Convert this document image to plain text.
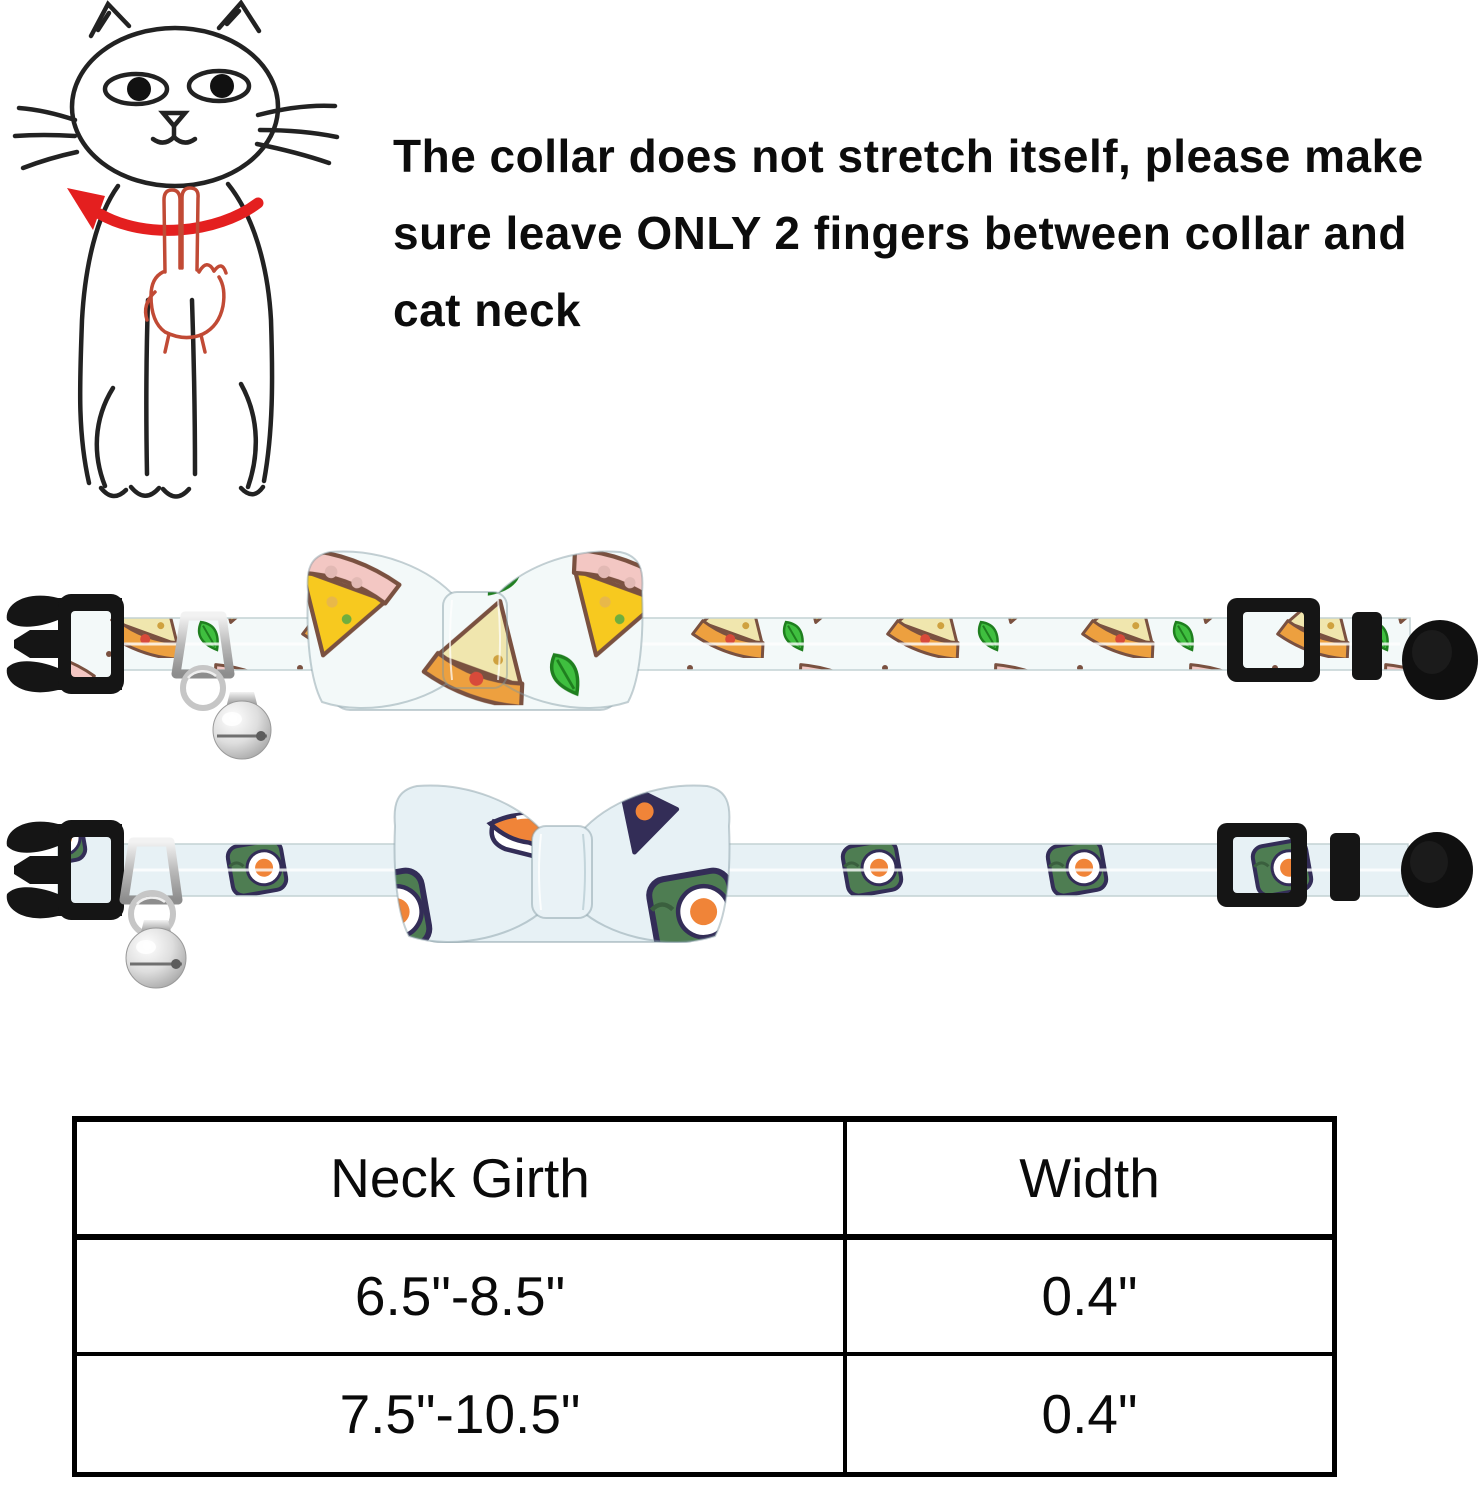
The collar does not stretch itself, please make
sure leave ONLY 2 fingers between collar and
cat neck
Neck Girth	Width
6.5"-8.5"	0.4"
7.5"-10.5"	0.4"
